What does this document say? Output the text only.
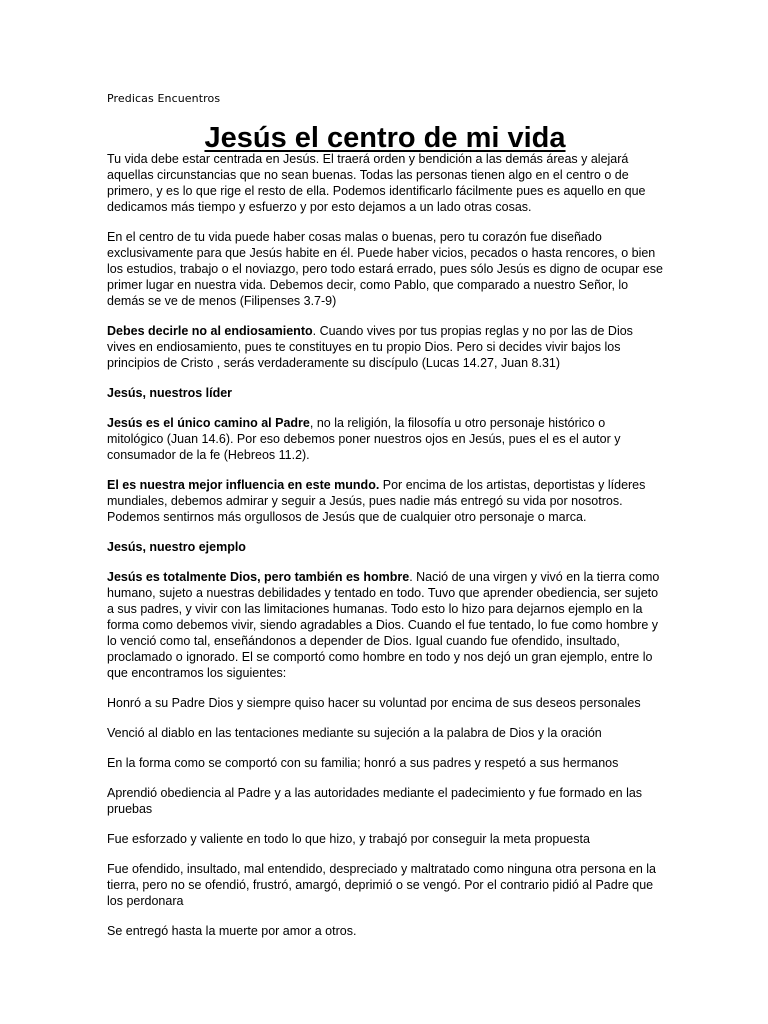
Predicas Encuentros
Jesús el centro de mi vida

Tu vida debe estar centrada en Jesús. El traerá orden y bendición a las demás áreas y alejará aquellas circunstancias que no sean buenas. Todas las personas tienen algo en el centro o de primero, y es lo que rige el resto de ella. Podemos identificarlo fácilmente pues es aquello en que dedicamos más tiempo y esfuerzo y por esto dejamos a un lado otras cosas.

En el centro de tu vida puede haber cosas malas o buenas, pero tu corazón fue diseñado exclusivamente para que Jesús habite en él. Puede haber vicios, pecados o hasta rencores, o bien los estudios, trabajo o el noviazgo, pero todo estará errado, pues sólo Jesús es digno de ocupar ese primer lugar en nuestra vida. Debemos decir, como Pablo, que comparado a nuestro Señor, lo demás se ve de menos (Filipenses 3.7-9)

Debes decirle no al endiosamiento. Cuando vives por tus propias reglas y no por las de Dios vives en endiosamiento, pues te constituyes en tu propio Dios. Pero si decides vivir bajos los principios de Cristo , serás verdaderamente su discípulo (Lucas 14.27, Juan 8.31)

Jesús, nuestros líder

Jesús es el único camino al Padre, no la religión, la filosofía u otro personaje histórico o mitológico (Juan 14.6). Por eso debemos poner nuestros ojos en Jesús, pues el es el autor y consumador de la fe (Hebreos 11.2).

El es nuestra mejor influencia en este mundo. Por encima de los artistas, deportistas y líderes mundiales, debemos admirar y seguir a Jesús, pues nadie más entregó su vida por nosotros. Podemos sentirnos más orgullosos de Jesús que de cualquier otro personaje o marca.

Jesús, nuestro ejemplo

Jesús es totalmente Dios, pero también es hombre. Nació de una virgen y vivó en la tierra como humano, sujeto a nuestras debilidades y tentado en todo. Tuvo que aprender obediencia, ser sujeto a sus padres, y vivir con las limitaciones humanas. Todo esto lo hizo para dejarnos ejemplo en la forma como debemos vivir, siendo agradables a Dios. Cuando el fue tentado, lo fue como hombre y lo venció como tal, enseñándonos a depender de Dios. Igual cuando fue ofendido, insultado, proclamado o ignorado. El se comportó como hombre en todo y nos dejó un gran ejemplo, entre lo que encontramos los siguientes:

Honró a su Padre Dios y siempre quiso hacer su voluntad por encima de sus deseos personales

Venció al diablo en las tentaciones mediante su sujeción a la palabra de Dios y la oración

En la forma como se comportó con su familia; honró a sus padres y respetó a sus hermanos

Aprendió obediencia al Padre y a las autoridades mediante el padecimiento y fue formado en las pruebas

Fue esforzado y valiente en todo lo que hizo, y trabajó por conseguir la meta propuesta

Fue ofendido, insultado, mal entendido, despreciado y maltratado como ninguna otra persona en la tierra, pero no se ofendió, frustró, amargó, deprimió o se vengó. Por el contrario pidió al Padre que los perdonara

Se entregó hasta la muerte por amor a otros.
